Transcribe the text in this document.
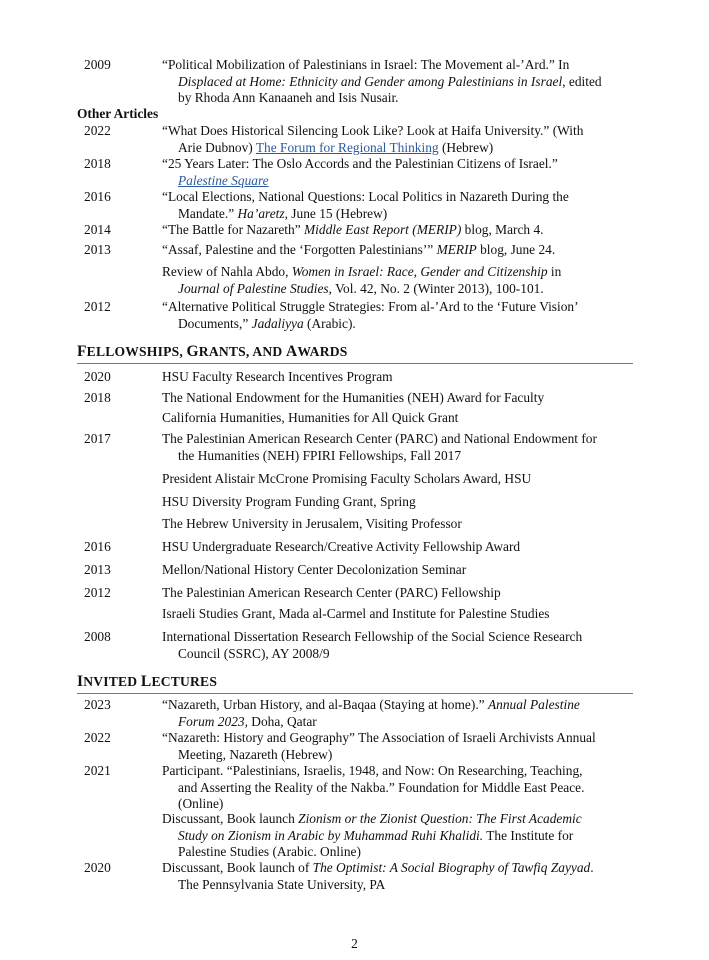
2009	“Political Mobilization of Palestinians in Israel: The Movement al-’Ard.” In
Displaced at Home: Ethnicity and Gender among Palestinians in Israel, edited
by Rhoda Ann Kanaaneh and Isis Nusair.
Other Articles
2022	“What Does Historical Silencing Look Like? Look at Haifa University.” (With
Arie Dubnov) The Forum for Regional Thinking (Hebrew)
2018	“25 Years Later: The Oslo Accords and the Palestinian Citizens of Israel.”
Palestine Square
2016	“Local Elections, National Questions: Local Politics in Nazareth During the
Mandate.” Ha’aretz, June 15 (Hebrew)
2014	“The Battle for Nazareth” Middle East Report (MERIP) blog, March 4.
2013	“Assaf, Palestine and the ‘Forgotten Palestinians’” MERIP blog, June 24.
Review of Nahla Abdo, Women in Israel: Race, Gender and Citizenship in
Journal of Palestine Studies, Vol. 42, No. 2 (Winter 2013), 100-101.
2012	“Alternative Political Struggle Strategies: From al-’Ard to the ‘Future Vision’
Documents,” Jadaliyya (Arabic).
FELLOWSHIPS, GRANTS, AND AWARDS
2020	HSU Faculty Research Incentives Program
2018	The National Endowment for the Humanities (NEH) Award for Faculty
California Humanities, Humanities for All Quick Grant
2017	The Palestinian American Research Center (PARC) and National Endowment for
the Humanities (NEH) FPIRI Fellowships, Fall 2017
President Alistair McCrone Promising Faculty Scholars Award, HSU
HSU Diversity Program Funding Grant, Spring
The Hebrew University in Jerusalem, Visiting Professor
2016	HSU Undergraduate Research/Creative Activity Fellowship Award
2013	Mellon/National History Center Decolonization Seminar
2012	The Palestinian American Research Center (PARC) Fellowship
Israeli Studies Grant, Mada al-Carmel and Institute for Palestine Studies
2008	International Dissertation Research Fellowship of the Social Science Research
Council (SSRC), AY 2008/9
INVITED LECTURES
2023	“Nazareth, Urban History, and al-Baqaa (Staying at home).” Annual Palestine
Forum 2023, Doha, Qatar
2022	“Nazareth: History and Geography” The Association of Israeli Archivists Annual
Meeting, Nazareth (Hebrew)
2021	Participant. “Palestinians, Israelis, 1948, and Now: On Researching, Teaching,
and Asserting the Reality of the Nakba.” Foundation for Middle East Peace.
(Online)
Discussant, Book launch Zionism or the Zionist Question: The First Academic
Study on Zionism in Arabic by Muhammad Ruhi Khalidi. The Institute for
Palestine Studies (Arabic. Online)
2020	Discussant, Book launch of The Optimist: A Social Biography of Tawfiq Zayyad.
The Pennsylvania State University, PA
2
